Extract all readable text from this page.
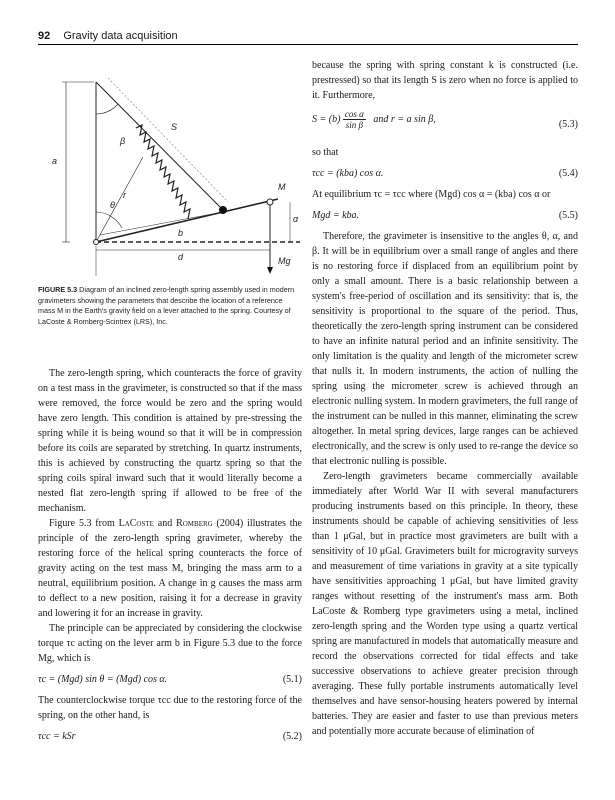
92 Gravity data acquisition
S
β
a
r
θ
b
d
M
α
Mg
FIGURE 5.3 Diagram of an inclined zero-length spring assembly used in modern gravimeters showing the parameters that describe the location of a reference mass M in the Earth's gravity field on a lever attached to the spring. Courtesy of LaCoste & Romberg-Scintrex (LRS), Inc.

The zero-length spring, which counteracts the force of gravity on a test mass in the gravimeter, is constructed so that if the mass were removed, the force would be zero and the spring would have zero length. This condition is attained by pre-stressing the spring while it is being wound so that it will be in compression before its coils are separated by stretching. In quartz instruments, this is achieved by constructing the quartz spring so that the spring coils spiral inward such that it would literally become a nested flat zero-length spring if allowed to be free of the mechanism.

Figure 5.3 from LaCoste and Romberg (2004) illustrates the principle of the zero-length spring gravimeter, whereby the restoring force of the helical spring counteracts the force of gravity acting on the test mass M, bringing the mass arm to a neutral, equilibrium position. A change in g causes the mass arm to deflect to a new position, raising it for a decrease in gravity and lowering it for an increase in gravity.

The principle can be appreciated by considering the clockwise torque τc acting on the lever arm b in Figure 5.3 due to the force Mg, which is

τc = (Mgd) sin θ = (Mgd) cos α.	(5.1)

The counterclockwise torque τcc due to the restoring force of the spring, on the other hand, is

τcc = kSr	(5.2)

because the spring with spring constant k is constructed (i.e. prestressed) so that its length S is zero when no force is applied to it. Furthermore,

$S = (b) \frac{\text{cos α}}{\text{sin β}}$ and r = a sin β,	(5.3)

so that

τcc = (kba) cos α.	(5.4)

At equilibrium τc = τcc where (Mgd) cos α = (kba) cos α or

Mgd = kba.	(5.5)

Therefore, the gravimeter is insensitive to the angles θ, α, and β. It will be in equilibrium over a small range of angles and there is no restoring force if displaced from an equilibrium point by only a small amount. There is a basic relationship between a system's free-period of oscillation and its sensitivity: that is, the sensitivity is proportional to the square of the period. Thus, theoretically the zero-length spring instrument can be considered to have an infinite natural period and an infinite sensitivity. The only limitation is the quality and length of the micrometer screw that nulls it. In modern instruments, the action of nulling the spring using the micrometer screw is achieved through an electronic nulling system. In modern gravimeters, the full range of the instrument can be nulled in this manner, eliminating the screw altogether. In metal spring devices, large ranges can be achieved electronically, and the screw is only used to re-range the device so that electronic nulling is possible.

Zero-length gravimeters became commercially available immediately after World War II with several manufacturers producing instruments based on this principle. In theory, these instruments should be capable of achieving sensitivities of less than 1 μGal, but in practice most gravimeters are built with a sensitivity of 10 μGal. Gravimeters built for microgravity surveys and measurement of time variations in gravity at a site typically have sensitivities approaching 1 μGal, but have limited gravity ranges without resetting of the instrument's mass arm. Both LaCoste & Romberg type gravimeters using a metal, inclined zero-length spring and the Worden type using a quartz vertical spring are manufactured in models that automatically measure and record the observations corrected for tidal effects and take successive observations to achieve greater precision through averaging. These fully portable instruments automatically level themselves and have sensor-housing heaters powered by internal batteries. They are easier and faster to use than previous meters and potentially more accurate because of elimination of
